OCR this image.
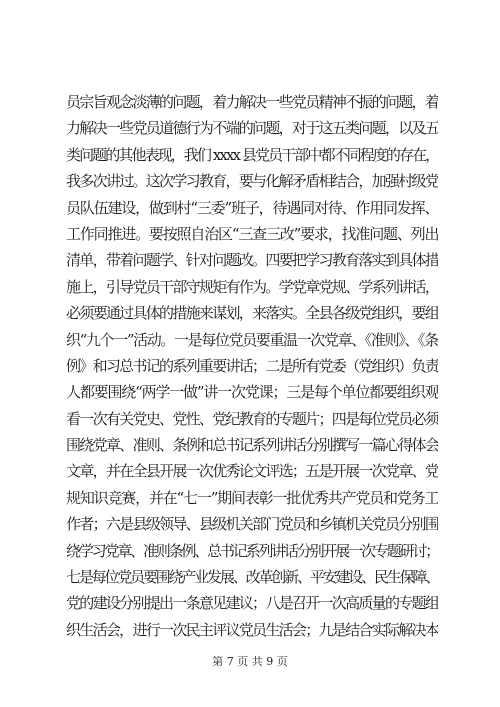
员宗旨观念淡薄的问题，着力解决一些党员精神不振的问题，着
力解决一些党员道德行为不端的问题，对于这五类问题，以及五
类问题的其他表现，我们 xxxx 县党员干部中都不同程度的存在，
我多次讲过。这次学习教育，要与化解矛盾相结合，加强村级党
员队伍建设，做到村“三委”班子，待遇同对待、作用同发挥、
工作同推进。要按照自治区“三查三改”要求，找准问题、列出
清单，带着问题学、针对问题改。四要把学习教育落实到具体措
施上，引导党员干部守规矩有作为。学党章党规、学系列讲话，
必须要通过具体的措施来谋划，来落实。全县各级党组织，要组
织“九个一”活动。一是每位党员要重温一次党章、《准则》、《条
例》和习总书记的系列重要讲话；二是所有党委（党组织）负责
人都要围绕“两学一做”讲一次党课；三是每个单位都要组织观
看一次有关党史、党性、党纪教育的专题片；四是每位党员必须
围绕党章、准则、条例和总书记系列讲话分别撰写一篇心得体会
文章，并在全县开展一次优秀论文评选；五是开展一次党章、党
规知识竞赛，并在“七一”期间表彰一批优秀共产党员和党务工
作者；六是县级领导、县级机关部门党员和乡镇机关党员分别围
绕学习党章、准则条例、总书记系列讲话分别开展一次专题研讨；
七是每位党员要围绕产业发展、改革创新、平安建设、民生保障、
党的建设分别提出一条意见建议；八是召开一次高质量的专题组
织生活会，进行一次民主评议党员生活会；九是结合实际解决本
第 7 页 共 9 页
